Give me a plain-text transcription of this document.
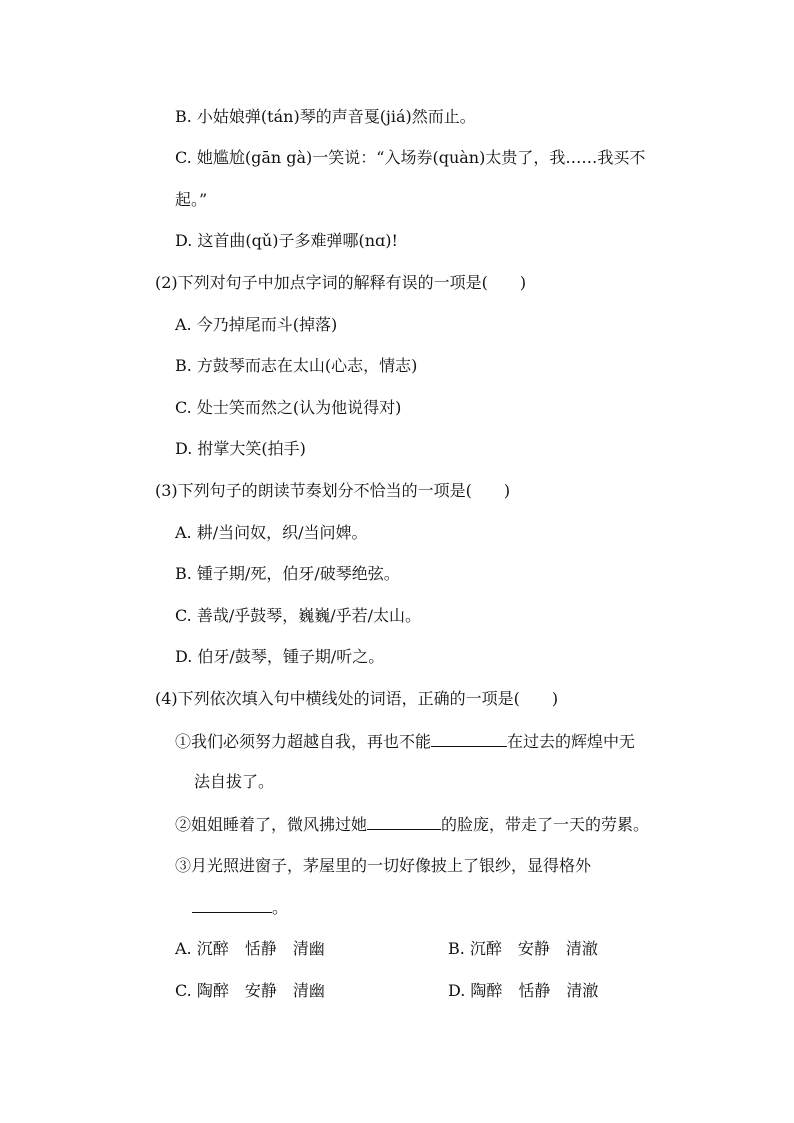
B. 小姑娘弹(tán)琴的声音戛(jiá)然而止。
C. 她尴尬(gān gà)一笑说：“入场券(quàn)太贵了，我……我买不
起。”
D. 这首曲(qǔ)子多难弹哪(nɑ)!
(2)下列对句子中加点字词的解释有误的一项是(　　)
A. 今乃掉尾而斗(掉落)
B. 方鼓琴而志在太山(心志，情志)
C. 处士笑而然之(认为他说得对)
D. 拊掌大笑(拍手)
(3)下列句子的朗读节奏划分不恰当的一项是(　　)
A. 耕/当问奴，织/当问婢。
B. 锺子期/死，伯牙/破琴绝弦。
C. 善哉/乎鼓琴，巍巍/乎若/太山。
D. 伯牙/鼓琴，锺子期/听之。
(4)下列依次填入句中横线处的词语，正确的一项是(　　)
①我们必须努力超越自我，再也不能	在过去的辉煌中无
法自拔了。
②姐姐睡着了，微风拂过她	的脸庞，带走了一天的劳累。
③月光照进窗子，茅屋里的一切好像披上了银纱，显得格外
。
A. 沉醉　恬静　清幽	B. 沉醉　安静　清澈
C. 陶醉　安静　清幽	D. 陶醉　恬静　清澈
